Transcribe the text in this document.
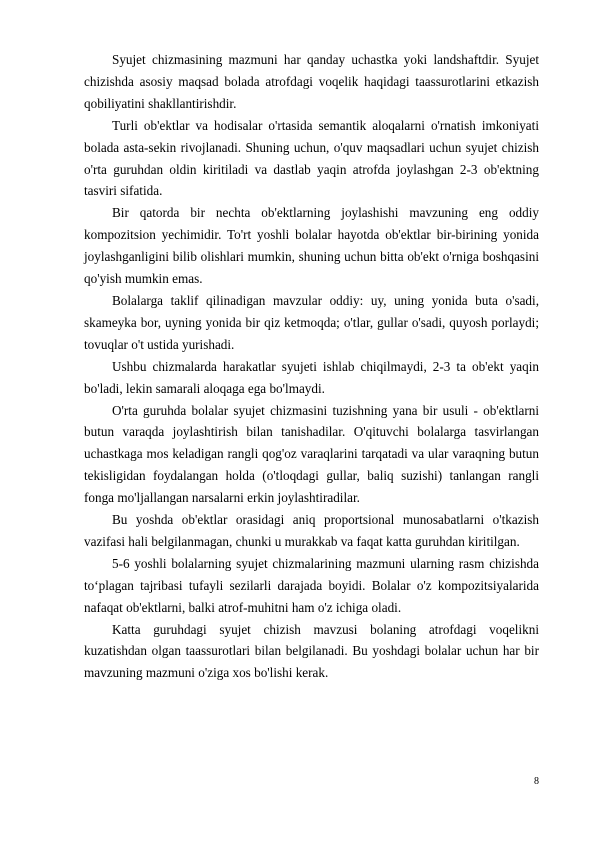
Syujet chizmasining mazmuni har qanday uchastka yoki landshaftdir. Syujet chizishda asosiy maqsad bolada atrofdagi voqelik haqidagi taassurotlarini etkazish qobiliyatini shakllantirishdir.

Turli ob'ektlar va hodisalar o'rtasida semantik aloqalarni o'rnatish imkoniyati bolada asta-sekin rivojlanadi. Shuning uchun, o'quv maqsadlari uchun syujet chizish o'rta guruhdan oldin kiritiladi va dastlab yaqin atrofda joylashgan 2-3 ob'ektning tasviri sifatida.

Bir qatorda bir nechta ob'ektlarning joylashishi mavzuning eng oddiy kompozitsion yechimidir. To'rt yoshli bolalar hayotda ob'ektlar bir-birining yonida joylashganligini bilib olishlari mumkin, shuning uchun bitta ob'ekt o'rniga boshqasini qo'yish mumkin emas.

Bolalarga taklif qilinadigan mavzular oddiy: uy, uning yonida buta o'sadi, skameyka bor, uyning yonida bir qiz ketmoqda; o'tlar, gullar o'sadi, quyosh porlaydi; tovuqlar o't ustida yurishadi.

Ushbu chizmalarda harakatlar syujeti ishlab chiqilmaydi, 2-3 ta ob'ekt yaqin bo'ladi, lekin samarali aloqaga ega bo'lmaydi.

O'rta guruhda bolalar syujet chizmasini tuzishning yana bir usuli - ob'ektlarni butun varaqda joylashtirish bilan tanishadilar. O'qituvchi bolalarga tasvirlangan uchastkaga mos keladigan rangli qog'oz varaqlarini tarqatadi va ular varaqning butun tekisligidan foydalangan holda (o'tloqdagi gullar, baliq suzishi) tanlangan rangli fonga mo'ljallangan narsalarni erkin joylashtiradilar.

Bu yoshda ob'ektlar orasidagi aniq proportsional munosabatlarni o'tkazish vazifasi hali belgilanmagan, chunki u murakkab va faqat katta guruhdan kiritilgan.

5-6 yoshli bolalarning syujet chizmalarining mazmuni ularning rasm chizishda to‘plagan tajribasi tufayli sezilarli darajada boyidi. Bolalar o'z kompozitsiyalarida nafaqat ob'ektlarni, balki atrof-muhitni ham o'z ichiga oladi.

Katta guruhdagi syujet chizish mavzusi bolaning atrofdagi voqelikni kuzatishdan olgan taassurotlari bilan belgilanadi. Bu yoshdagi bolalar uchun har bir mavzuning mazmuni o'ziga xos bo'lishi kerak.

8
